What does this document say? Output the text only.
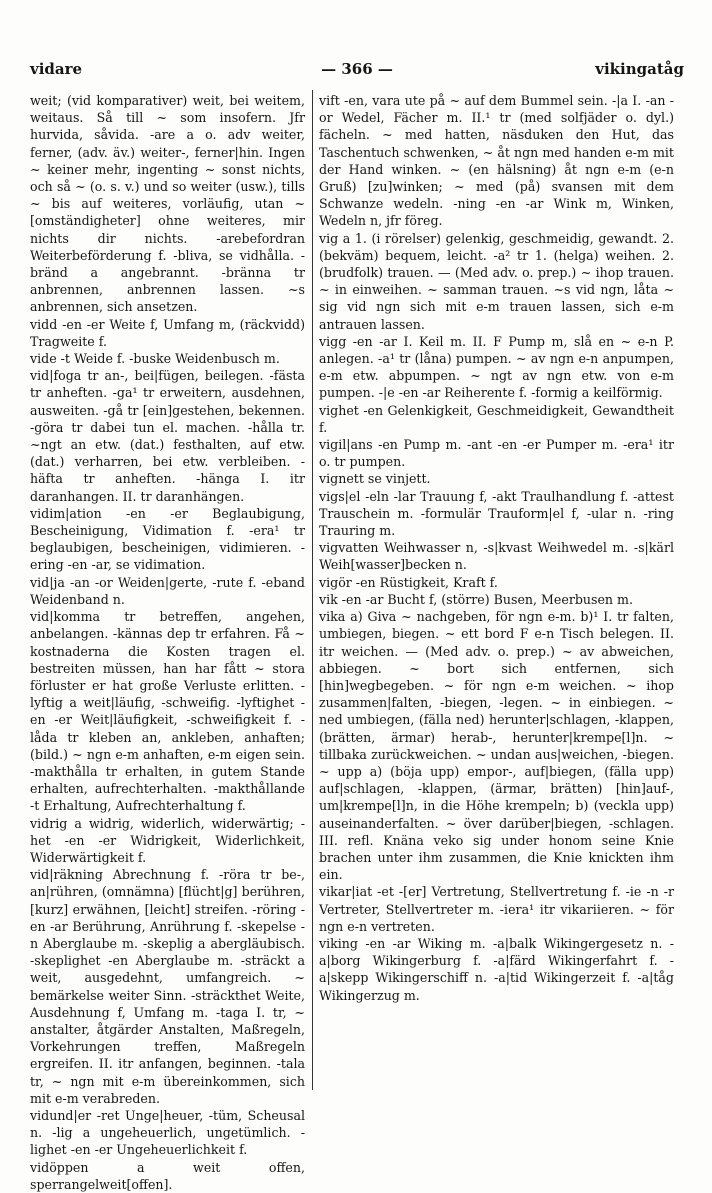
vidare	— 366 —	vikingatåg

weit; (vid komparativer) weit, bei weitem, weitaus. Så till ~ som insofern. Jfr hurvida, såvida. -are a o. adv weiter, ferner, (adv. äv.) weiter-, ferner|hin. Ingen ~ keiner mehr, ingenting ~ sonst nichts, och så ~ (o. s. v.) und so weiter (usw.), tills ~ bis auf weiteres, vorläufig, utan ~ [omständigheter] ohne weiteres, mir nichts dir nichts. -arebefordran Weiterbeförderung f. -bliva, se vidhålla. -bränd a angebrannt. -bränna tr anbrennen, anbrennen lassen. ~s anbrennen, sich ansetzen.

vidd -en -er Weite f, Umfang m, (räckvidd) Tragweite f.

vide -t Weide f. -buske Weidenbusch m.

vid|foga tr an-, bei|fügen, beilegen. -fästa tr anheften. -ga¹ tr erweitern, ausdehnen, ausweiten. -gå tr [ein]gestehen, bekennen. -göra tr dabei tun el. machen. -hålla tr. ~ngt an etw. (dat.) festhalten, auf etw. (dat.) verharren, bei etw. verbleiben. -häfta tr anheften. -hänga I. itr daranhangen. II. tr daranhängen.

vidim|ation -en -er Beglaubigung, Bescheinigung, Vidimation f. -era¹ tr beglaubigen, bescheinigen, vidimieren. -ering -en -ar, se vidimation.

vid|ja -an -or Weiden|gerte, -rute f. -eband Weidenband n.

vid|komma tr betreffen, angehen, anbelangen. -kännas dep tr erfahren. Få ~ kostnaderna die Kosten tragen el. bestreiten müssen, han har fått ~ stora förluster er hat große Verluste erlitten. -lyftig a weit|läufig, -schweifig. -lyftighet -en -er Weit|läufigkeit, -schweifigkeit f. -låda tr kleben an, ankleben, anhaften; (bild.) ~ ngn e-m anhaften, e-m eigen sein. -makthålla tr erhalten, in gutem Stande erhalten, aufrechterhalten. -makthållande -t Erhaltung, Aufrechterhaltung f.

vidrig a widrig, widerlich, widerwärtig; -het -en -er Widrigkeit, Widerlichkeit, Widerwärtigkeit f.

vid|räkning Abrechnung f. -röra tr be-, an|rühren, (omnämna) [flücht|g] berühren, [kurz] erwähnen, [leicht] streifen. -röring -en -ar Berührung, Anrührung f. -skepelse -n Aberglaube m. -skeplig a abergläubisch. -skeplighet -en Aberglaube m. -sträckt a weit, ausgedehnt, umfangreich. ~ bemärkelse weiter Sinn. -sträckthet Weite, Ausdehnung f, Umfang m. -taga I. tr, ~ anstalter, åtgärder Anstalten, Maßregeln, Vorkehrungen treffen, Maßregeln ergreifen. II. itr anfangen, beginnen. -tala tr, ~ ngn mit e-m übereinkommen, sich mit e-m verabreden.

vidund|er -ret Unge|heuer, -tüm, Scheusal n. -lig a ungeheuerlich, ungetümlich. -lighet -en -er Ungeheuerlichkeit f.

vidöppen a weit offen, sperrangelweit[offen].

vift -en, vara ute på ~ auf dem Bummel sein. -|a I. -an -or Wedel, Fächer m. II.¹ tr (med solfjäder o. dyl.) fächeln. ~ med hatten, näsduken den Hut, das Taschentuch schwenken, ~ åt ngn med handen e-m mit der Hand winken. ~ (en hälsning) åt ngn e-m (e-n Gruß) [zu]winken; ~ med (på) svansen mit dem Schwanze wedeln. -ning -en -ar Wink m, Winken, Wedeln n, jfr föreg.

vig a 1. (i rörelser) gelenkig, geschmeidig, gewandt. 2. (bekväm) bequem, leicht. -a² tr 1. (helga) weihen. 2. (brudfolk) trauen. — (Med adv. o. prep.) ~ ihop trauen. ~ in einweihen. ~ samman trauen. ~s vid ngn, låta ~ sig vid ngn sich mit e-m trauen lassen, sich e-m antrauen lassen.

vigg -en -ar I. Keil m. II. F Pump m, slå en ~ e-n P. anlegen. -a¹ tr (låna) pumpen. ~ av ngn e-n anpumpen, e-m etw. abpumpen. ~ ngt av ngn etw. von e-m pumpen. -|e -en -ar Reiherente f. -formig a keilförmig.

vighet -en Gelenkigkeit, Geschmeidigkeit, Gewandtheit f.

vigil|ans -en Pump m. -ant -en -er Pumper m. -era¹ itr o. tr pumpen.

vignett se vinjett.

vigs|el -eln -lar Trauung f, -akt Traulhandlung f. -attest Trauschein m. -formulär Trauform|el f, -ular n. -ring Trauring m.

vigvatten Weihwasser n, -s|kvast Weihwedel m. -s|kärl Weih[wasser]becken n.

vigör -en Rüstigkeit, Kraft f.

vik -en -ar Bucht f, (större) Busen, Meerbusen m.

vika a) Giva ~ nachgeben, för ngn e-m. b)¹ I. tr falten, umbiegen, biegen. ~ ett bord F e-n Tisch belegen. II. itr weichen. — (Med adv. o. prep.) ~ av abweichen, abbiegen. ~ bort sich entfernen, sich [hin]wegbegeben. ~ för ngn e-m weichen. ~ ihop zusammen|falten, -biegen, -legen. ~ in einbiegen. ~ ned umbiegen, (fälla ned) herunter|schlagen, -klappen, (brätten, ärmar) herab-, herunter|krempe[l]n. ~ tillbaka zurückweichen. ~ undan aus|weichen, -biegen. ~ upp a) (böja upp) empor-, auf|biegen, (fälla upp) auf|schlagen, -klappen, (ärmar, brätten) [hin]auf-, um|krempe[l]n, in die Höhe krempeln; b) (veckla upp) auseinanderfalten. ~ över darüber|biegen, -schlagen. III. refl. Knäna veko sig under honom seine Knie brachen unter ihm zusammen, die Knie knickten ihm ein.

vikar|iat -et -[er] Vertretung, Stellvertretung f. -ie -n -r Vertreter, Stellvertreter m. -iera¹ itr vikariieren. ~ för ngn e-n vertreten.

viking -en -ar Wiking m. -a|balk Wikingergesetz n. -a|borg Wikingerburg f. -a|färd Wikingerfahrt f. -a|skepp Wikingerschiff n. -a|tid Wikingerzeit f. -a|tåg Wikingerzug m.
